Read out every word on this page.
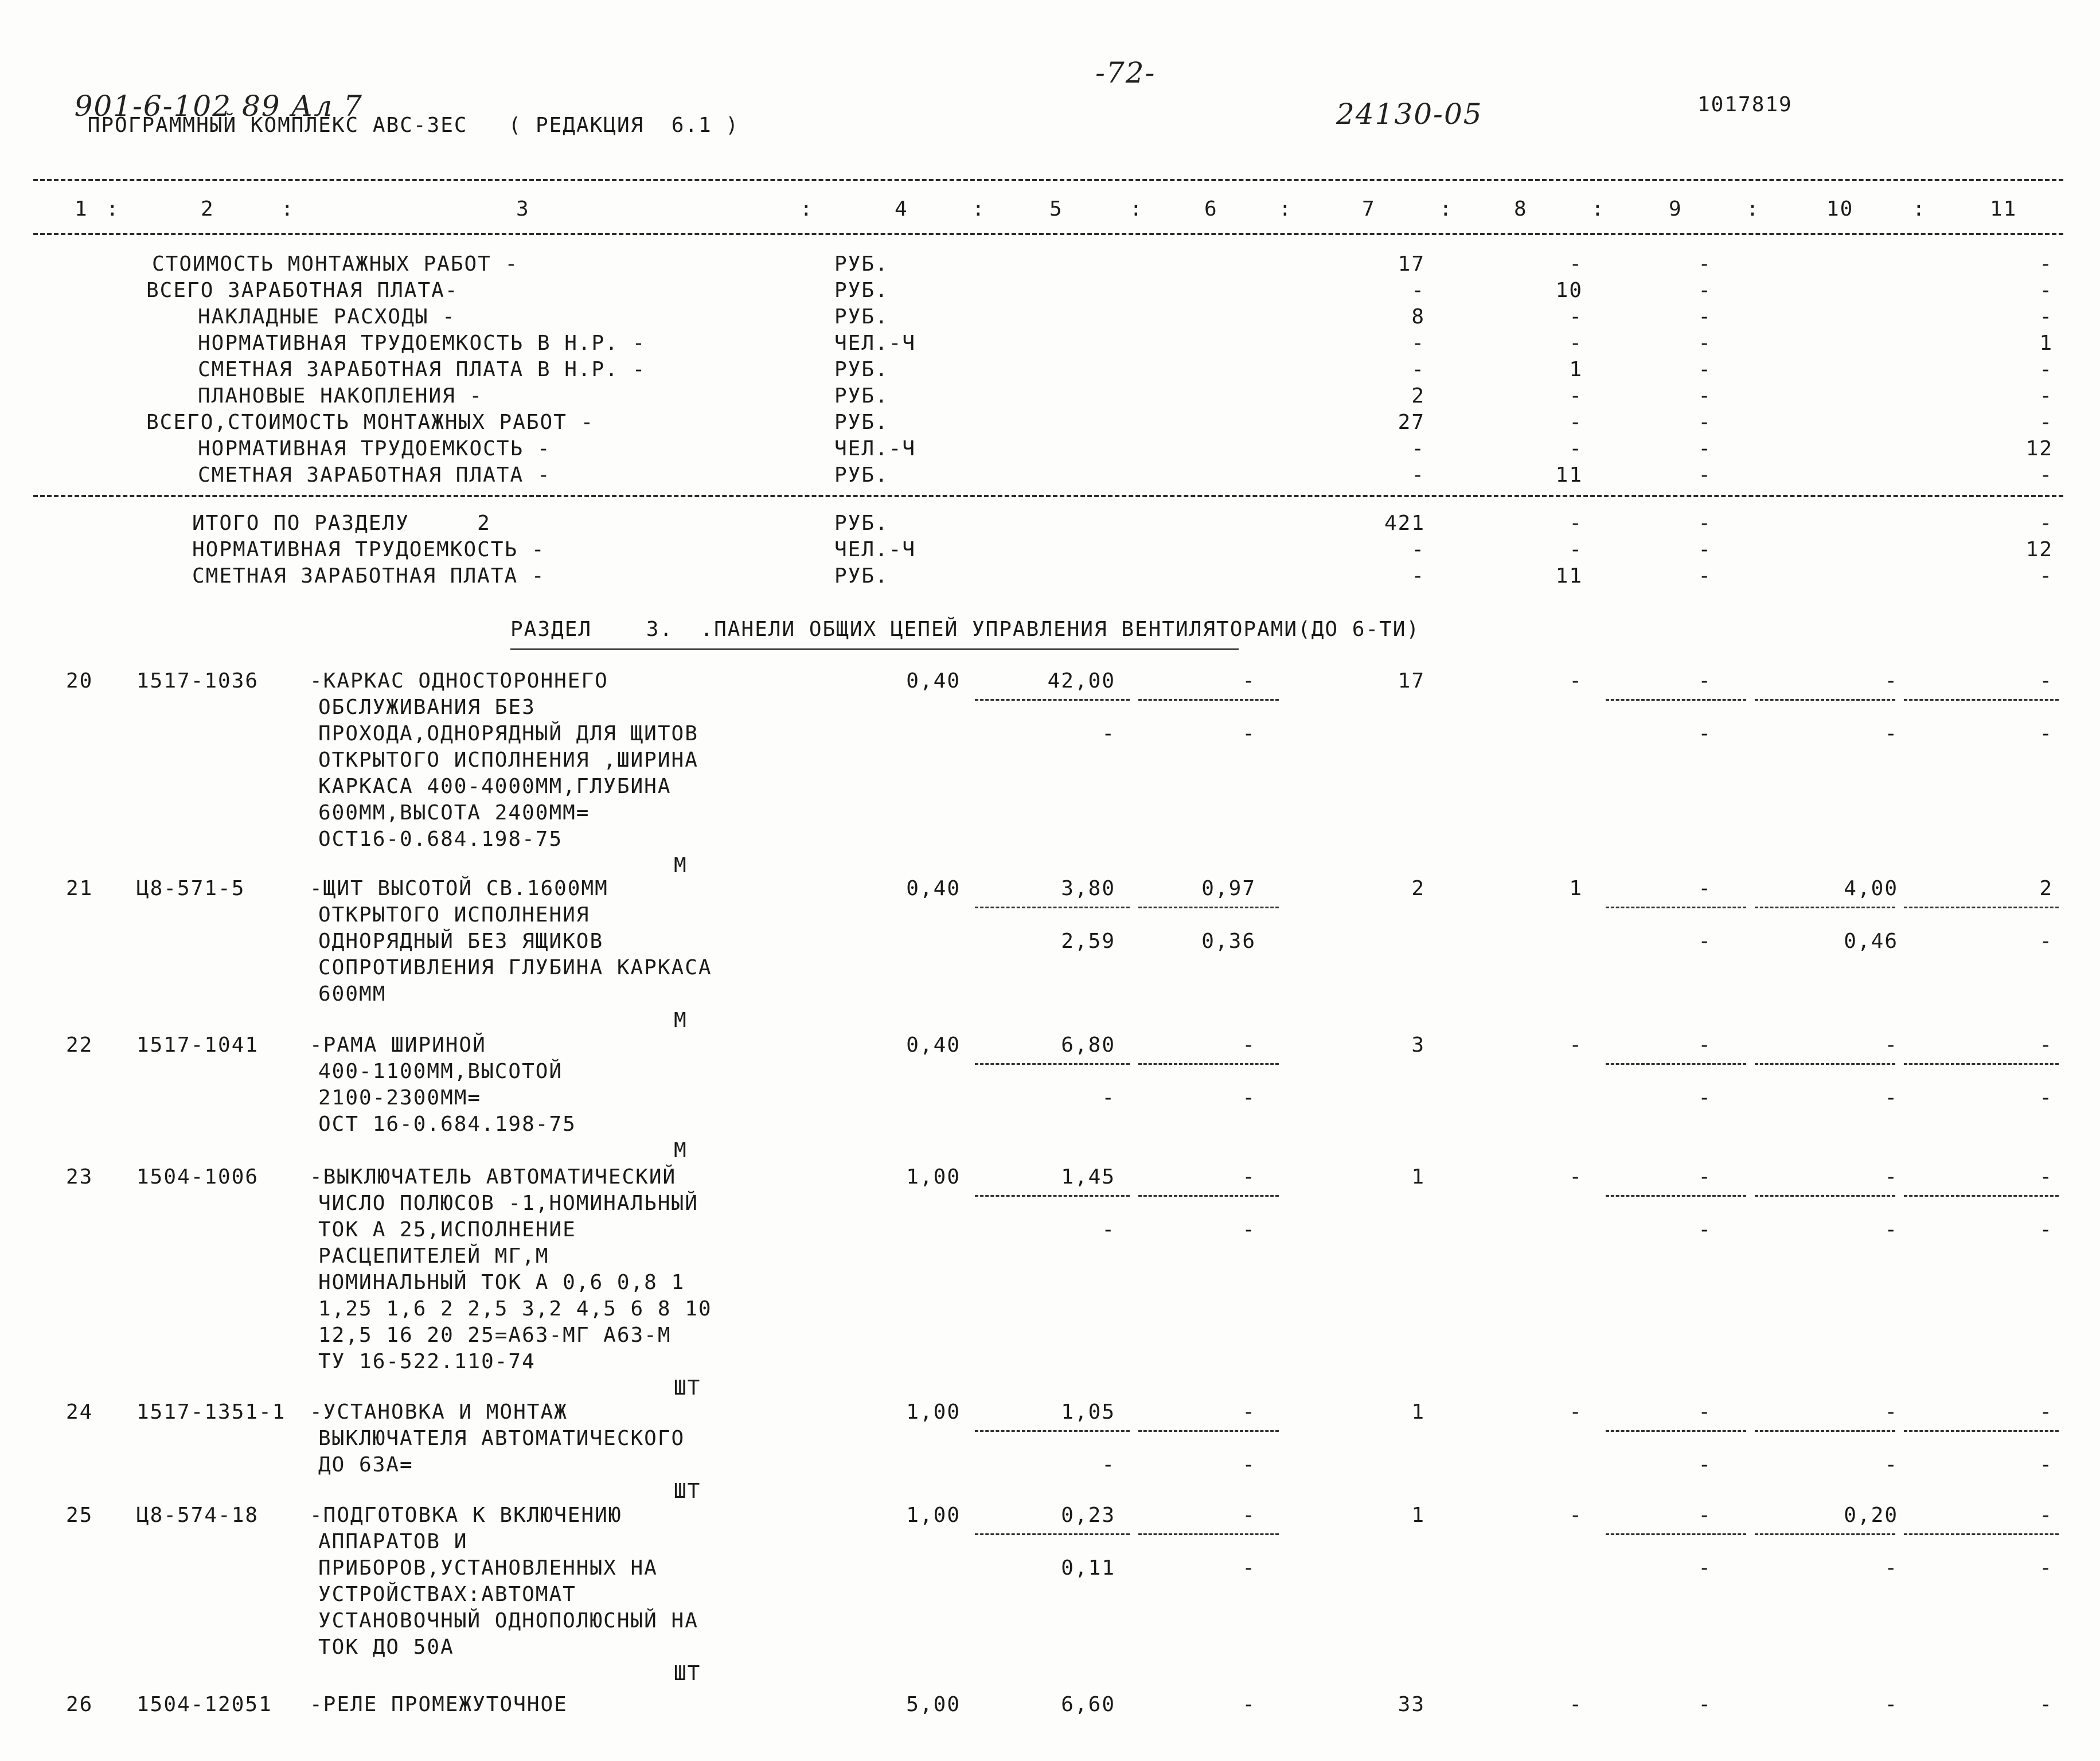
901-6-102 89 Ал 7

ПРОГРАММНЫЙ КОМПЛЕКС АВС-3ЕС ( РЕДАКЦИЯ  6.1 )

-72-
24130-05	1017819
РАЗДЕЛ    3.  .ПАНЕЛИ ОБЩИХ ЦЕПЕЙ УПРАВЛЕНИЯ ВЕНТИЛЯТОРАМИ(ДО 6-ТИ)
1 :	2	:	3	:	4	:	5	:	6	:	7	:	8	:	9	:	10	:	11
СТОИМОСТЬ МОНТАЖНЫХ РАБОТ -	РУБ.	17	-	-	-
ВСЕГО ЗАРАБОТНАЯ ПЛАТА-	РУБ.	-	10	-	-
НАКЛАДНЫЕ РАСХОДЫ -	РУБ.	8	-	-	-
НОРМАТИВНАЯ ТРУДОЕМКОСТЬ В Н.Р. -	ЧЕЛ.-Ч	-	-	-	1
СМЕТНАЯ ЗАРАБОТНАЯ ПЛАТА В Н.Р. -	РУБ.	-	1	-	-
ПЛАНОВЫЕ НАКОПЛЕНИЯ -	РУБ.	2	-	-	-
ВСЕГО,СТОИМОСТЬ МОНТАЖНЫХ РАБОТ -	РУБ.	27	-	-	-
НОРМАТИВНАЯ ТРУДОЕМКОСТЬ -	ЧЕЛ.-Ч	-	-	-	12
СМЕТНАЯ ЗАРАБОТНАЯ ПЛАТА -	РУБ.	-	11	-	-
ИТОГО ПО РАЗДЕЛУ     2	РУБ.	421	-	-	-
НОРМАТИВНАЯ ТРУДОЕМКОСТЬ -	ЧЕЛ.-Ч	-	-	-	12
СМЕТНАЯ ЗАРАБОТНАЯ ПЛАТА -	РУБ.	-	11	-	-
20 1517-1036 -КАРКАС ОДНОСТОРОННЕГО
ОБСЛУЖИВАНИЯ БЕЗ
ПРОХОДА,ОДНОРЯДНЫЙ ДЛЯ ЩИТОВ
ОТКРЫТОГО ИСПОЛНЕНИЯ ,ШИРИНА
КАРКАСА 400-4000ММ,ГЛУБИНА
600ММ,ВЫСОТА 2400ММ=
ОСТ16-0.684.198-75
М
0,40	42,00	-	17	-	-	-	-
-	-	-	-	-
21 Ц8-571-5	-ЩИТ ВЫСОТОЙ СВ.1600ММ
ОТКРЫТОГО ИСПОЛНЕНИЯ
ОДНОРЯДНЫЙ БЕЗ ЯЩИКОВ
СОПРОТИВЛЕНИЯ ГЛУБИНА КАРКАСА
600ММ
М
0,40	3,80	0,97	2	1	-	4,00	2
2,59	0,36	-	0,46	-
22 1517-1041 -РАМА ШИРИНОЙ
400-1100ММ,ВЫСОТОЙ
2100-2300ММ=
ОСТ 16-0.684.198-75
М
0,40	6,80	-	3	-	-	-	-
-	-	-	-	-
23 1504-1006 -ВЫКЛЮЧАТЕЛЬ АВТОМАТИЧЕСКИЙ
ЧИСЛО ПОЛЮСОВ -1,НОМИНАЛЬНЫЙ
ТОК А 25,ИСПОЛНЕНИЕ
РАСЦЕПИТЕЛЕЙ МГ,М
НОМИНАЛЬНЫЙ ТОК А 0,6 0,8 1
1,25 1,6 2 2,5 3,2 4,5 6 8 10
12,5 16 20 25=А63-МГ А63-М
ТУ 16-522.110-74
ШТ
1,00	1,45	-	1	-	-	-	-
-	-	-	-	-
24 1517-1351-1 -УСТАНОВКА И МОНТАЖ
ВЫКЛЮЧАТЕЛЯ АВТОМАТИЧЕСКОГО
ДО 63А=
ШТ
1,00	1,05	-	1	-	-	-	-
-	-	-	-	-
25 Ц8-574-18 -ПОДГОТОВКА К ВКЛЮЧЕНИЮ
АППАРАТОВ И
ПРИБОРОВ,УСТАНОВЛЕННЫХ НА
УСТРОЙСТВАХ:АВТОМАТ
УСТАНОВОЧНЫЙ ОДНОПОЛЮСНЫЙ НА
ТОК ДО 50А
ШТ
1,00	0,23	-	1	-	-	0,20	-
0,11	-	-	-	-
26 1504-12051 -РЕЛЕ ПРОМЕЖУТОЧНОЕ	5,00	6,60	-	33	-	-	-	-
